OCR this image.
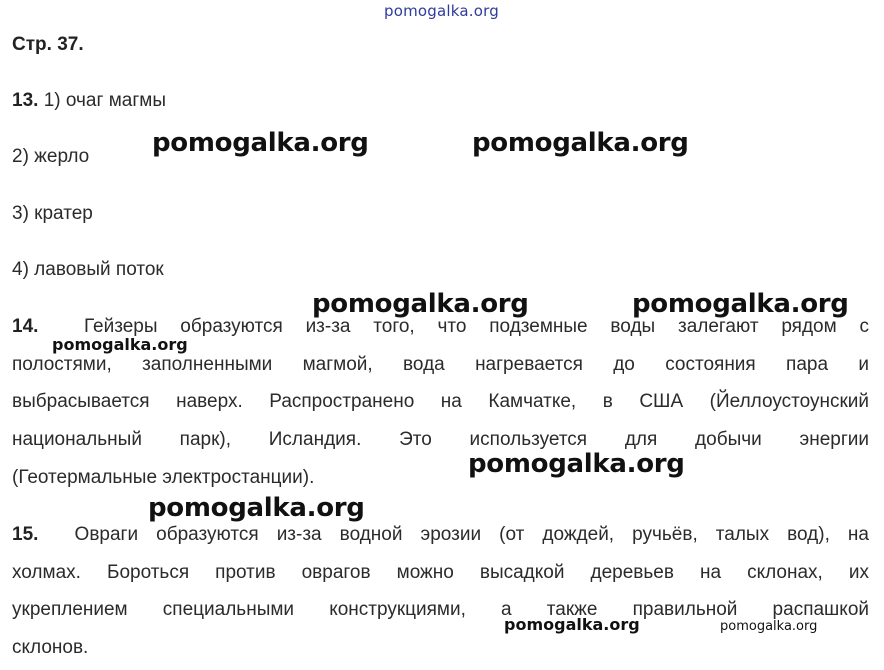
pomogalka.org
pomogalka.org	pomogalka.org
pomogalka.org	pomogalka.org
pomogalka.org
pomogalka.org
pomogalka.org
pomogalka.org	pomogalka.org
Стр. 37.
13. 1) очаг магмы
2) жерло
3) кратер
4) лавовый поток
14. Гейзеры образуются из-за того, что подземные воды залегают рядом с
полостями, заполненными магмой, вода нагревается до состояния пара и
выбрасывается наверх. Распространено на Камчатке, в США (Йеллоустоунский
национальный парк), Исландия. Это используется для добычи энергии
(Геотермальные электростанции).
15. Овраги образуются из-за водной эрозии (от дождей, ручьёв, талых вод), на
холмах. Бороться против оврагов можно высадкой деревьев на склонах, их
укреплением специальными конструкциями, а также правильной распашкой
склонов.
